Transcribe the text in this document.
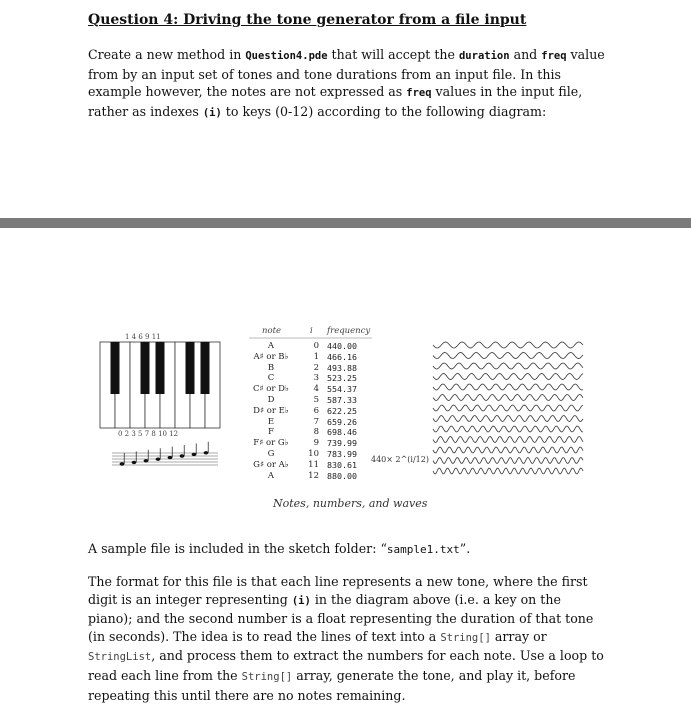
Question 4: Driving the tone generator from a file input
Create a new method in Question4.pde that will accept the duration and freq value from by an input set of tones and tone durations from an input file. In this example however, the notes are not expressed as freq values in the input file, rather as indexes (i) to keys (0-12) according to the following diagram:
1 4 6 9 11
0 2 3 5 7 8 10 12
note	i frequency
A
A♯ or B♭
B
C
C♯ or D♭
D
D♯ or E♭
E
F
F♯ or G♭
G
G♯ or A♭
A
0
1
2
3
4
5
6
7
8
9
10
11
12
440.00
466.16
493.88
523.25
554.37
587.33
622.25
659.26
698.46
739.99
783.99
830.61
880.00
440× 2^(i/12)
Notes, numbers, and waves
A sample file is included in the sketch folder: “sample1.txt”.
The format for this file is that each line represents a new tone, where the first digit is an integer representing (i) in the diagram above (i.e. a key on the piano); and the second number is a float representing the duration of that tone (in seconds). The idea is to read the lines of text into a String[] array or StringList, and process them to extract the numbers for each note. Use a loop to read each line from the String[] array, generate the tone, and play it, before repeating this until there are no notes remaining.
